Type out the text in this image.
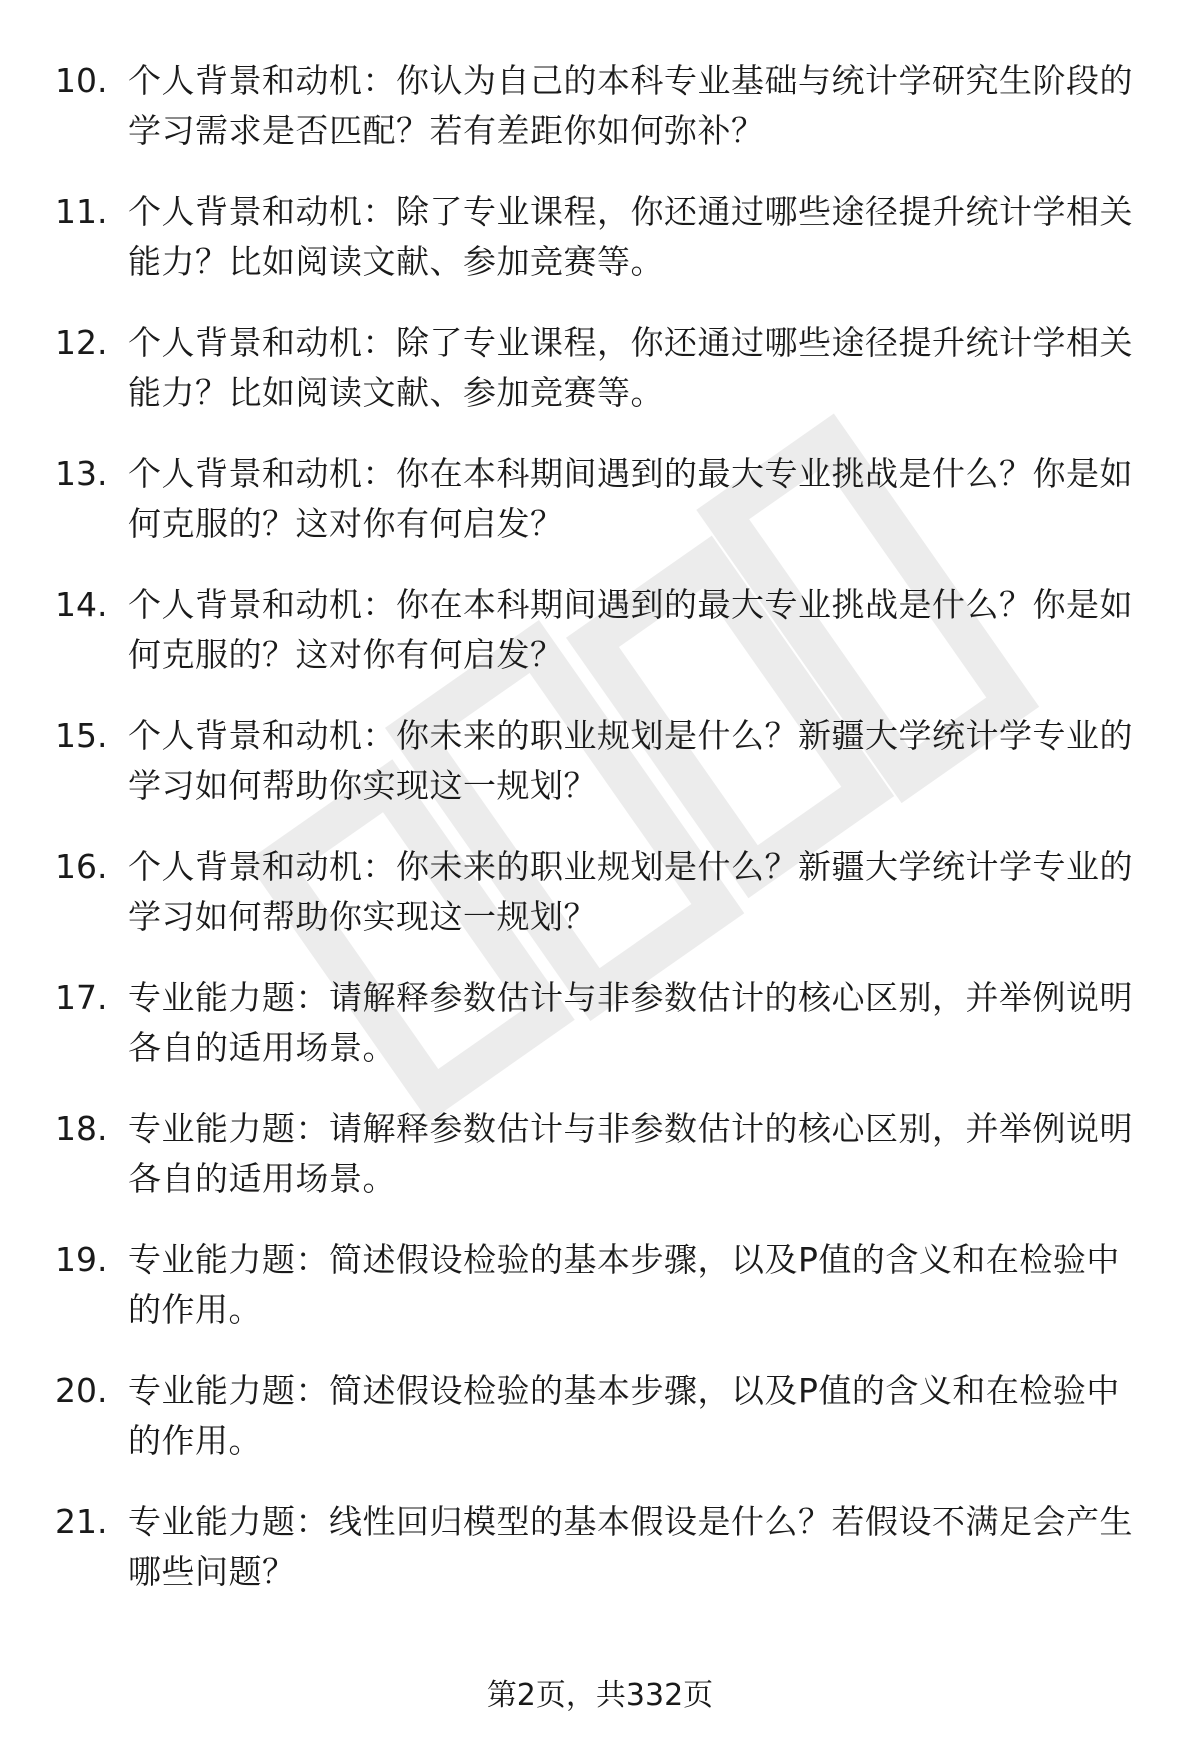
10. 个人背景和动机：你认为自己的本科专业基础与统计学研究生阶段的学习需求是否匹配？若有差距你如何弥补？
11. 个人背景和动机：除了专业课程，你还通过哪些途径提升统计学相关能力？比如阅读文献、参加竞赛等。
12. 个人背景和动机：除了专业课程，你还通过哪些途径提升统计学相关能力？比如阅读文献、参加竞赛等。
13. 个人背景和动机：你在本科期间遇到的最大专业挑战是什么？你是如何克服的？这对你有何启发？
14. 个人背景和动机：你在本科期间遇到的最大专业挑战是什么？你是如何克服的？这对你有何启发？
15. 个人背景和动机：你未来的职业规划是什么？新疆大学统计学专业的学习如何帮助你实现这一规划？
16. 个人背景和动机：你未来的职业规划是什么？新疆大学统计学专业的学习如何帮助你实现这一规划？
17. 专业能力题：请解释参数估计与非参数估计的核心区别，并举例说明各自的适用场景。
18. 专业能力题：请解释参数估计与非参数估计的核心区别，并举例说明各自的适用场景。
19. 专业能力题：简述假设检验的基本步骤，以及P值的含义和在检验中的作用。
20. 专业能力题：简述假设检验的基本步骤，以及P值的含义和在检验中的作用。
21. 专业能力题：线性回归模型的基本假设是什么？若假设不满足会产生哪些问题？
第2页，共332页
